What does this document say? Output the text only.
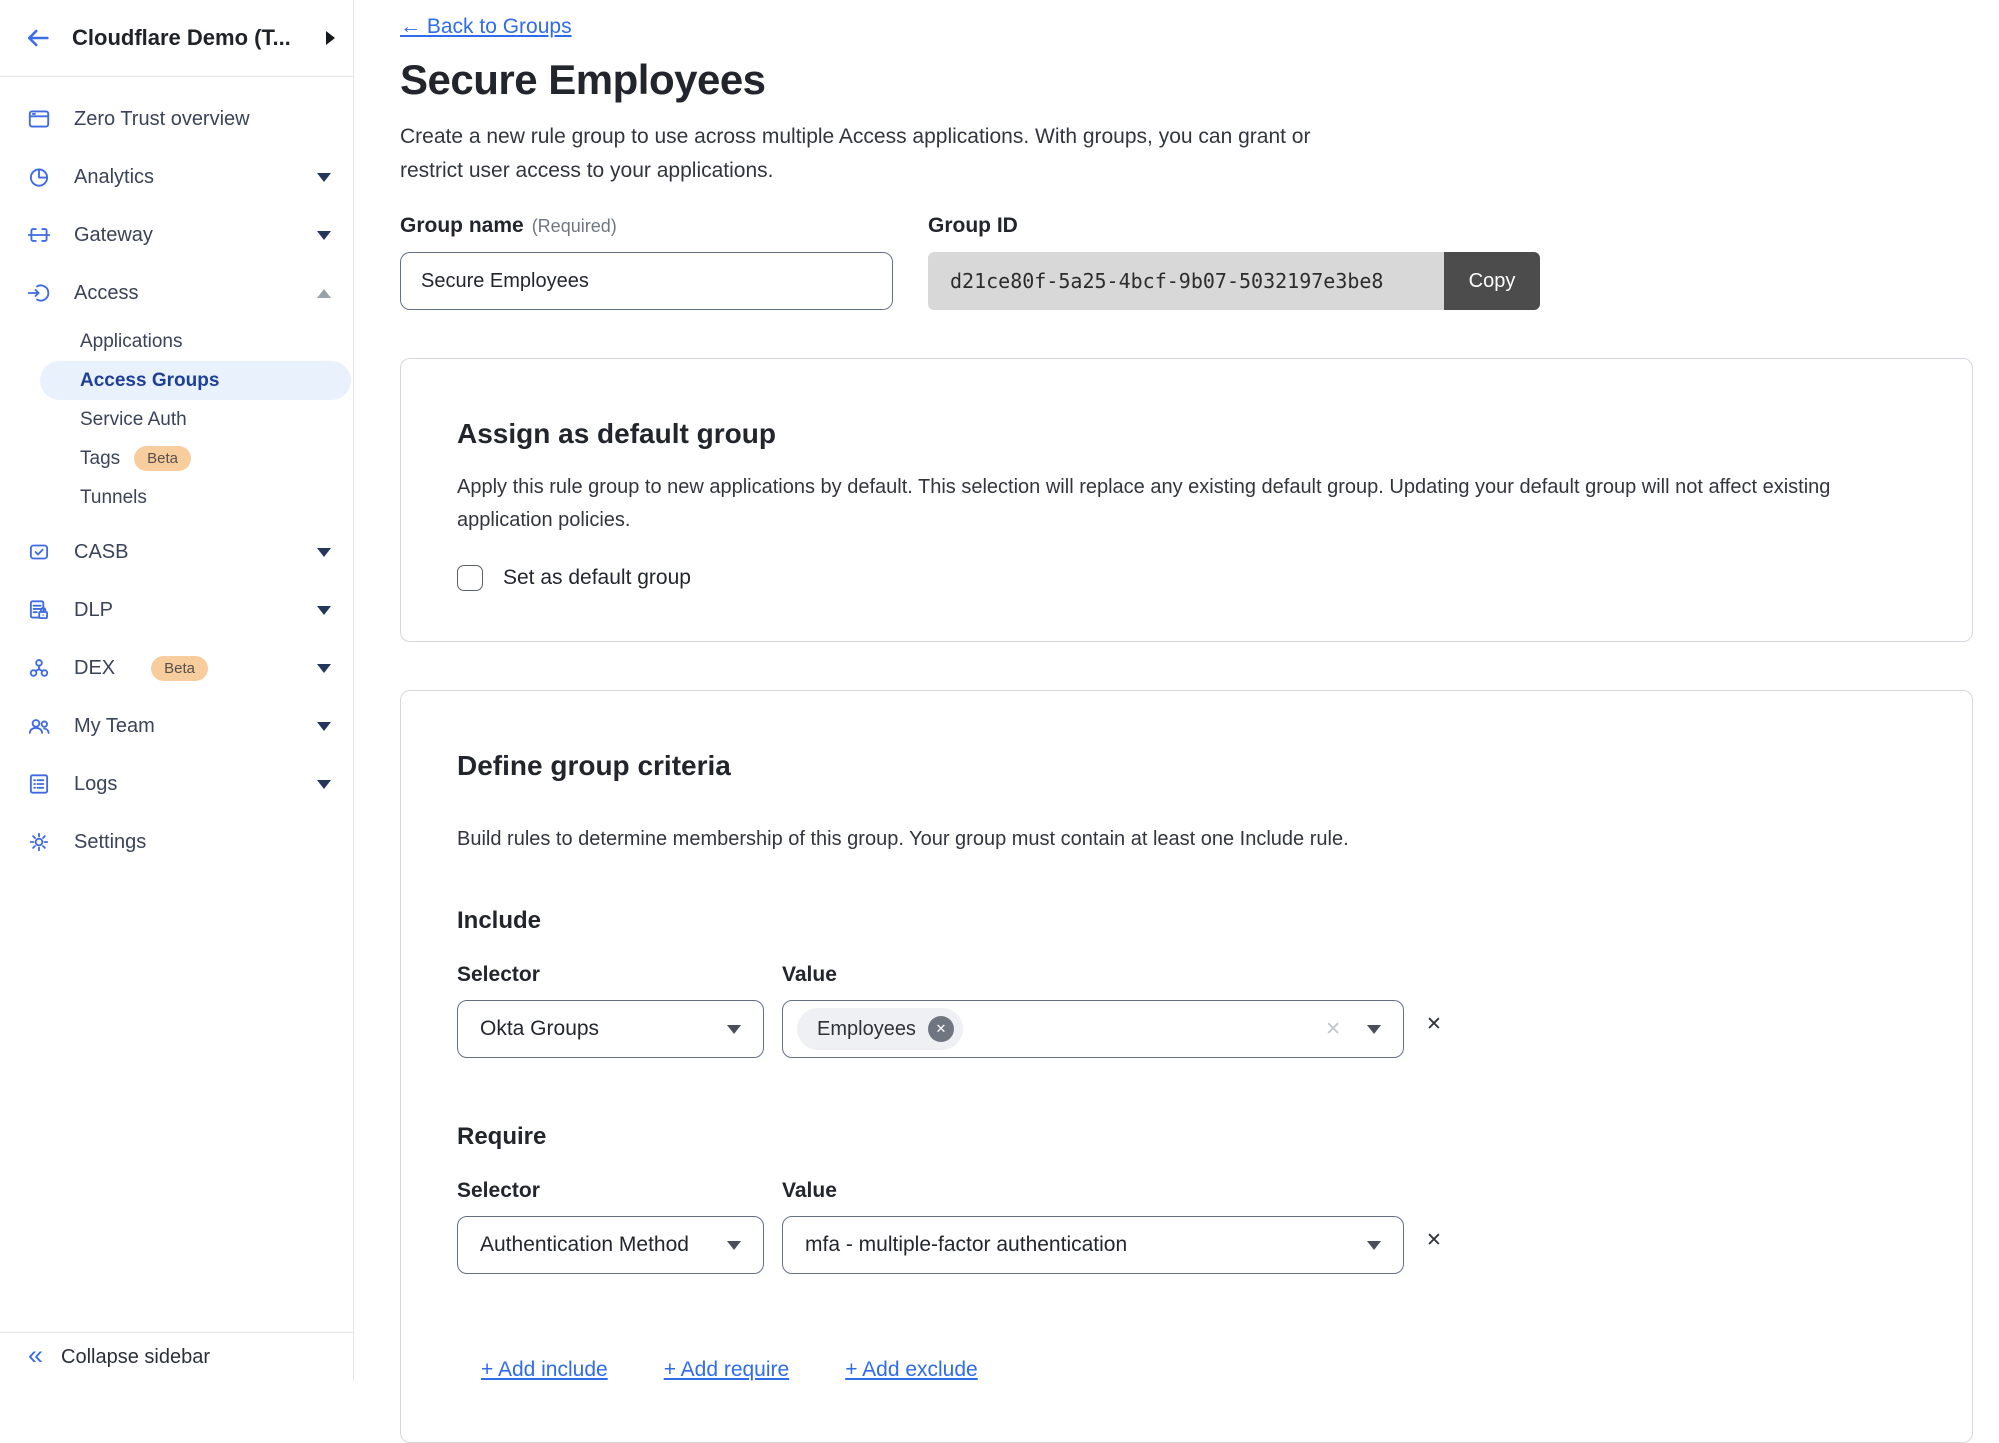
Cloudflare Demo (T...
Zero Trust overview
Analytics
Gateway
Access
Applications
Access Groups
Service Auth
Tags	Beta
Tunnels
CASB
DLP
DEX	Beta
My Team
Logs
Settings
« Collapse sidebar
← Back to Groups
Secure Employees

Create a new rule group to use across multiple Access applications. With groups, you can grant or restrict user access to your applications.

Group name (Required)
Secure Employees	Group ID
d21ce80f-5a25-4bcf-9b07-5032197e3be8	Copy
Assign as default group

Apply this rule group to new applications by default. This selection will replace any existing default group. Updating your default group will not affect existing application policies.

Set as default group
Define group criteria

Build rules to determine membership of this group. Your group must contain at least one Include rule.

Include
Selector
Okta Groups
Value
Employees	✕	✕	✕
Require
Selector
Authentication Method
Value
mfa - multiple-factor authentication	✕
+ Add include	+ Add require	+ Add exclude
